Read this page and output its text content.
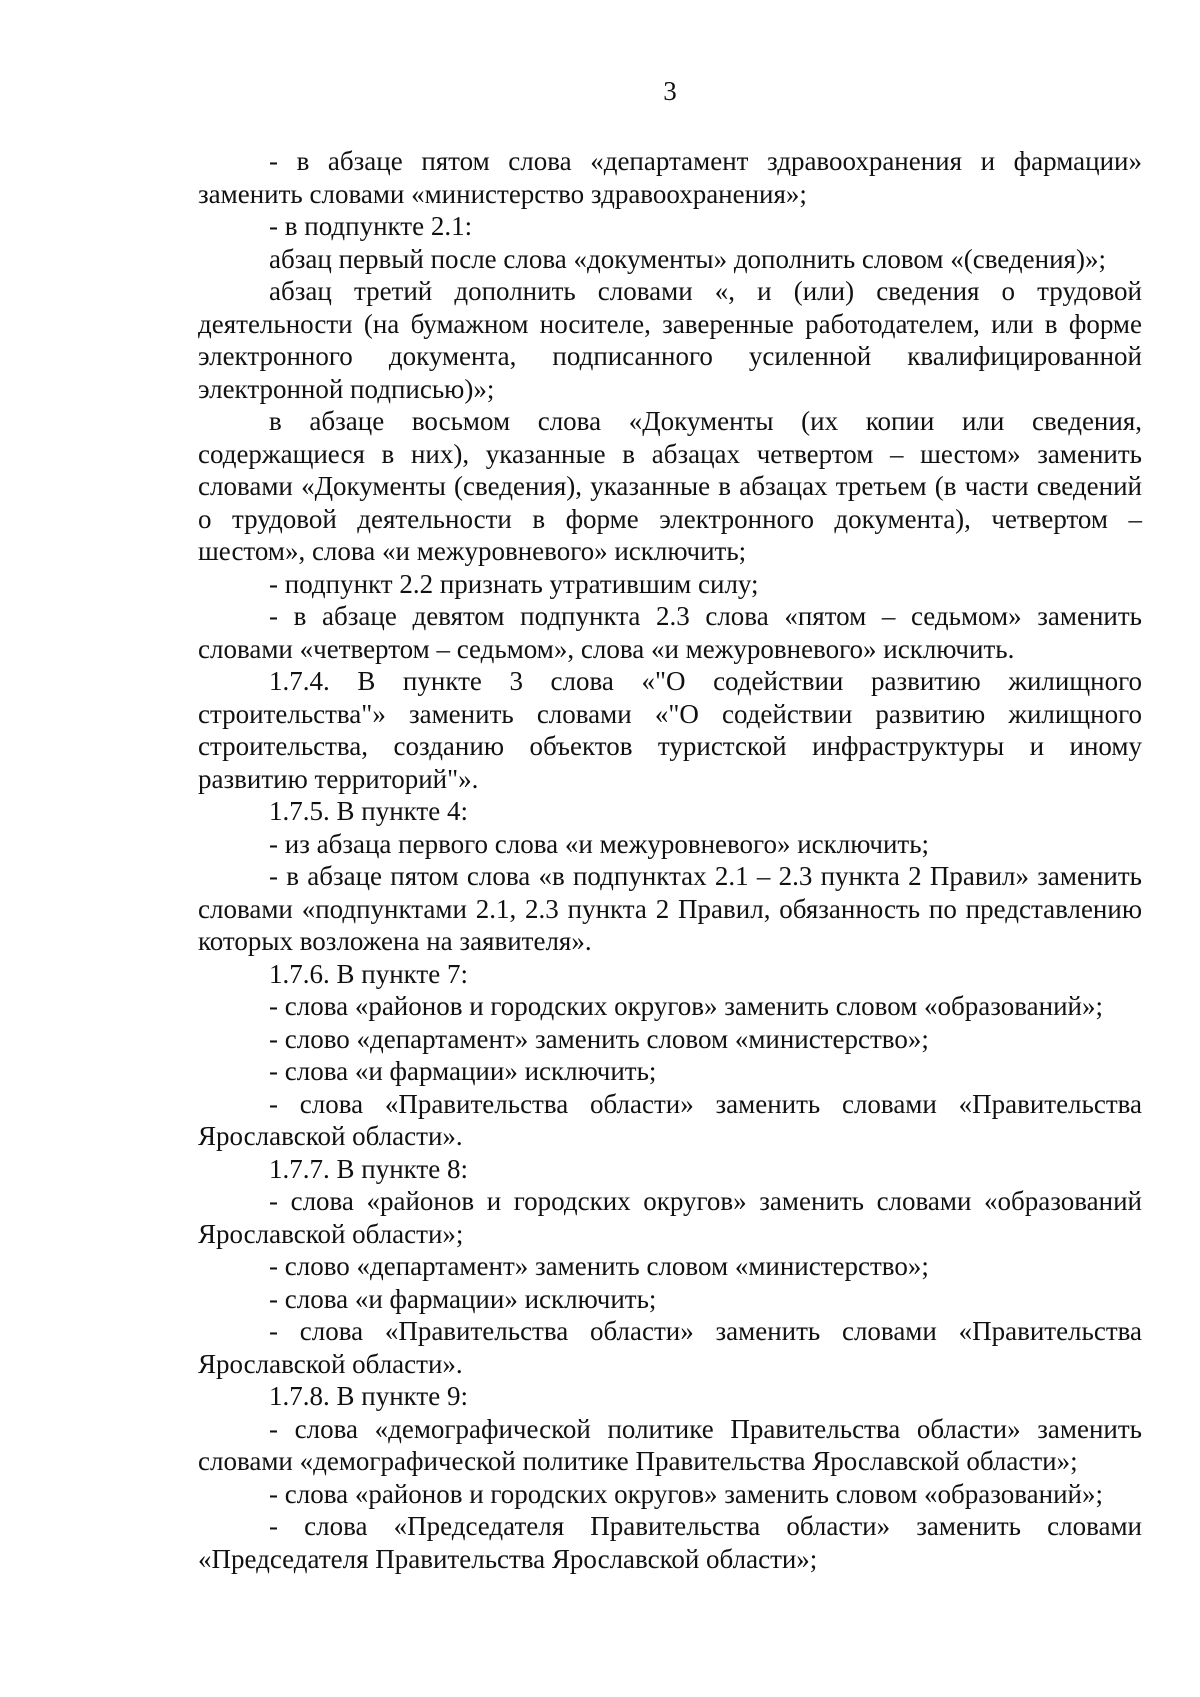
3

- в абзаце пятом слова «департамент здравоохранения и фармации» заменить словами «министерство здравоохранения»;

- в подпункте 2.1:

абзац первый после слова «документы» дополнить словом «(сведения)»;

абзац третий дополнить словами «, и (или) сведения о трудовой деятельности (на бумажном носителе, заверенные работодателем, или в форме электронного документа, подписанного усиленной квалифицированной электронной подписью)»;

в абзаце восьмом слова «Документы (их копии или сведения, содержащиеся в них), указанные в абзацах четвертом – шестом» заменить словами «Документы (сведения), указанные в абзацах третьем (в части сведений о трудовой деятельности в форме электронного документа), четвертом – шестом», слова «и межуровневого» исключить;

- подпункт 2.2 признать утратившим силу;

- в абзаце девятом подпункта 2.3 слова «пятом – седьмом» заменить словами «четвертом – седьмом», слова «и межуровневого» исключить.

1.7.4. В пункте 3 слова «"О содействии развитию жилищного строительства"» заменить словами «"О содействии развитию жилищного строительства, созданию объектов туристской инфраструктуры и иному развитию территорий"».

1.7.5. В пункте 4:

- из абзаца первого слова «и межуровневого» исключить;

- в абзаце пятом слова «в подпунктах 2.1 – 2.3 пункта 2 Правил» заменить словами «подпунктами 2.1, 2.3 пункта 2 Правил, обязанность по представлению которых возложена на заявителя».

1.7.6. В пункте 7:

- слова «районов и городских округов» заменить словом «образований»;

- слово «департамент» заменить словом «министерство»;

- слова «и фармации» исключить;

- слова «Правительства области» заменить словами «Правительства Ярославской области».

1.7.7. В пункте 8:

- слова «районов и городских округов» заменить словами «образований Ярославской области»;

- слово «департамент» заменить словом «министерство»;

- слова «и фармации» исключить;

- слова «Правительства области» заменить словами «Правительства Ярославской области».

1.7.8. В пункте 9:

- слова «демографической политике Правительства области» заменить словами «демографической политике Правительства Ярославской области»;

- слова «районов и городских округов» заменить словом «образований»;

- слова «Председателя Правительства области» заменить словами «Председателя Правительства Ярославской области»;
